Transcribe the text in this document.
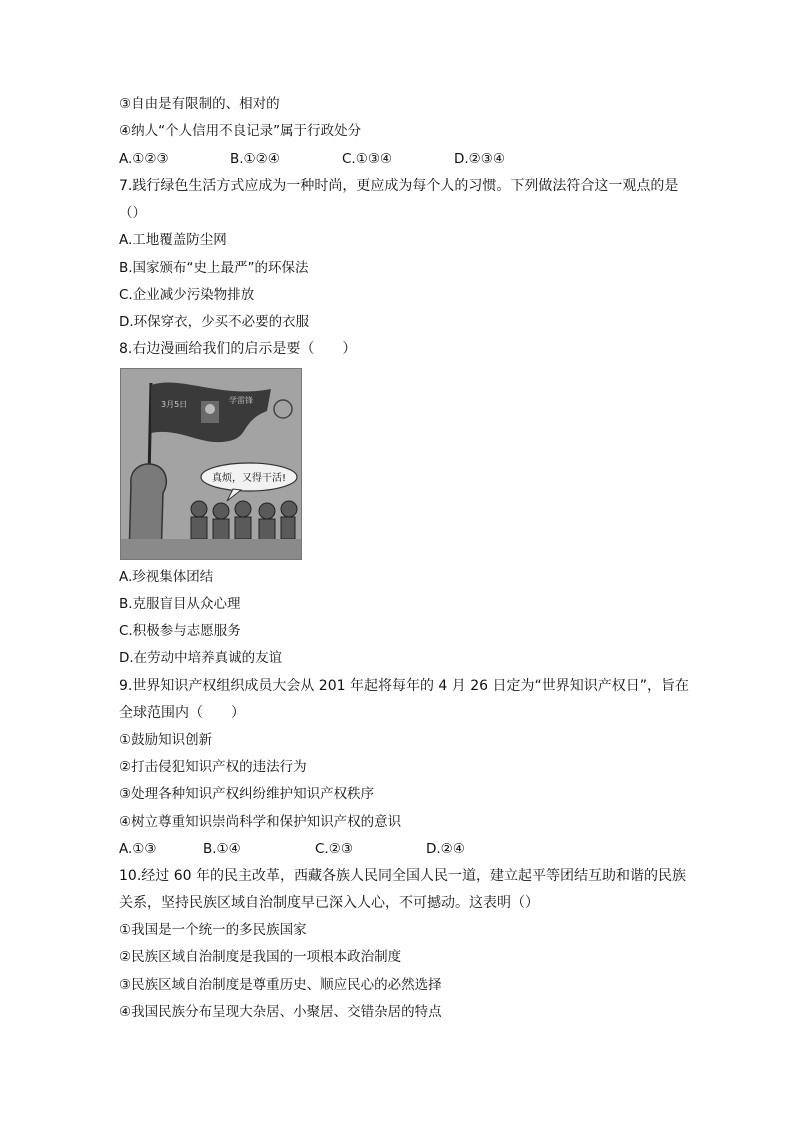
③自由是有限制的、相对的
④纳人“个人信用不良记录”属于行政处分
A.①②③	B.①②④	C.①③④	D.②③④
7.践行绿色生活方式应成为一种时尚，更应成为每个人的习惯。下列做法符合这一观点的是
（）
A.工地覆盖防尘网
B.国家颁布“史上最严”的环保法
C.企业减少污染物排放
D.环保穿衣，少买不必要的衣服
8.右边漫画给我们的启示是要（　　）
3月5日	学雷锋
真烦，又得干活!
A.珍视集体团结
B.克服盲目从众心理
C.积极参与志愿服务
D.在劳动中培养真诚的友谊
9.世界知识产权组织成员大会从 201 年起将每年的 4 月 26 日定为“世界知识产权日”，旨在
全球范围内（　　）
①鼓励知识创新
②打击侵犯知识产权的违法行为
③处理各种知识产权纠纷维护知识产权秩序
④树立尊重知识崇尚科学和保护知识产权的意识
A.①③	B.①④	C.②③	D.②④
10.经过 60 年的民主改革，西藏各族人民同全国人民一道，建立起平等团结互助和谐的民族
关系，坚持民族区域自治制度早已深入人心，不可撼动。这表明（）
①我国是一个统一的多民族国家
②民族区域自治制度是我国的一项根本政治制度
③民族区域自治制度是尊重历史、顺应民心的必然选择
④我国民族分布呈现大杂居、小聚居、交错杂居的特点
